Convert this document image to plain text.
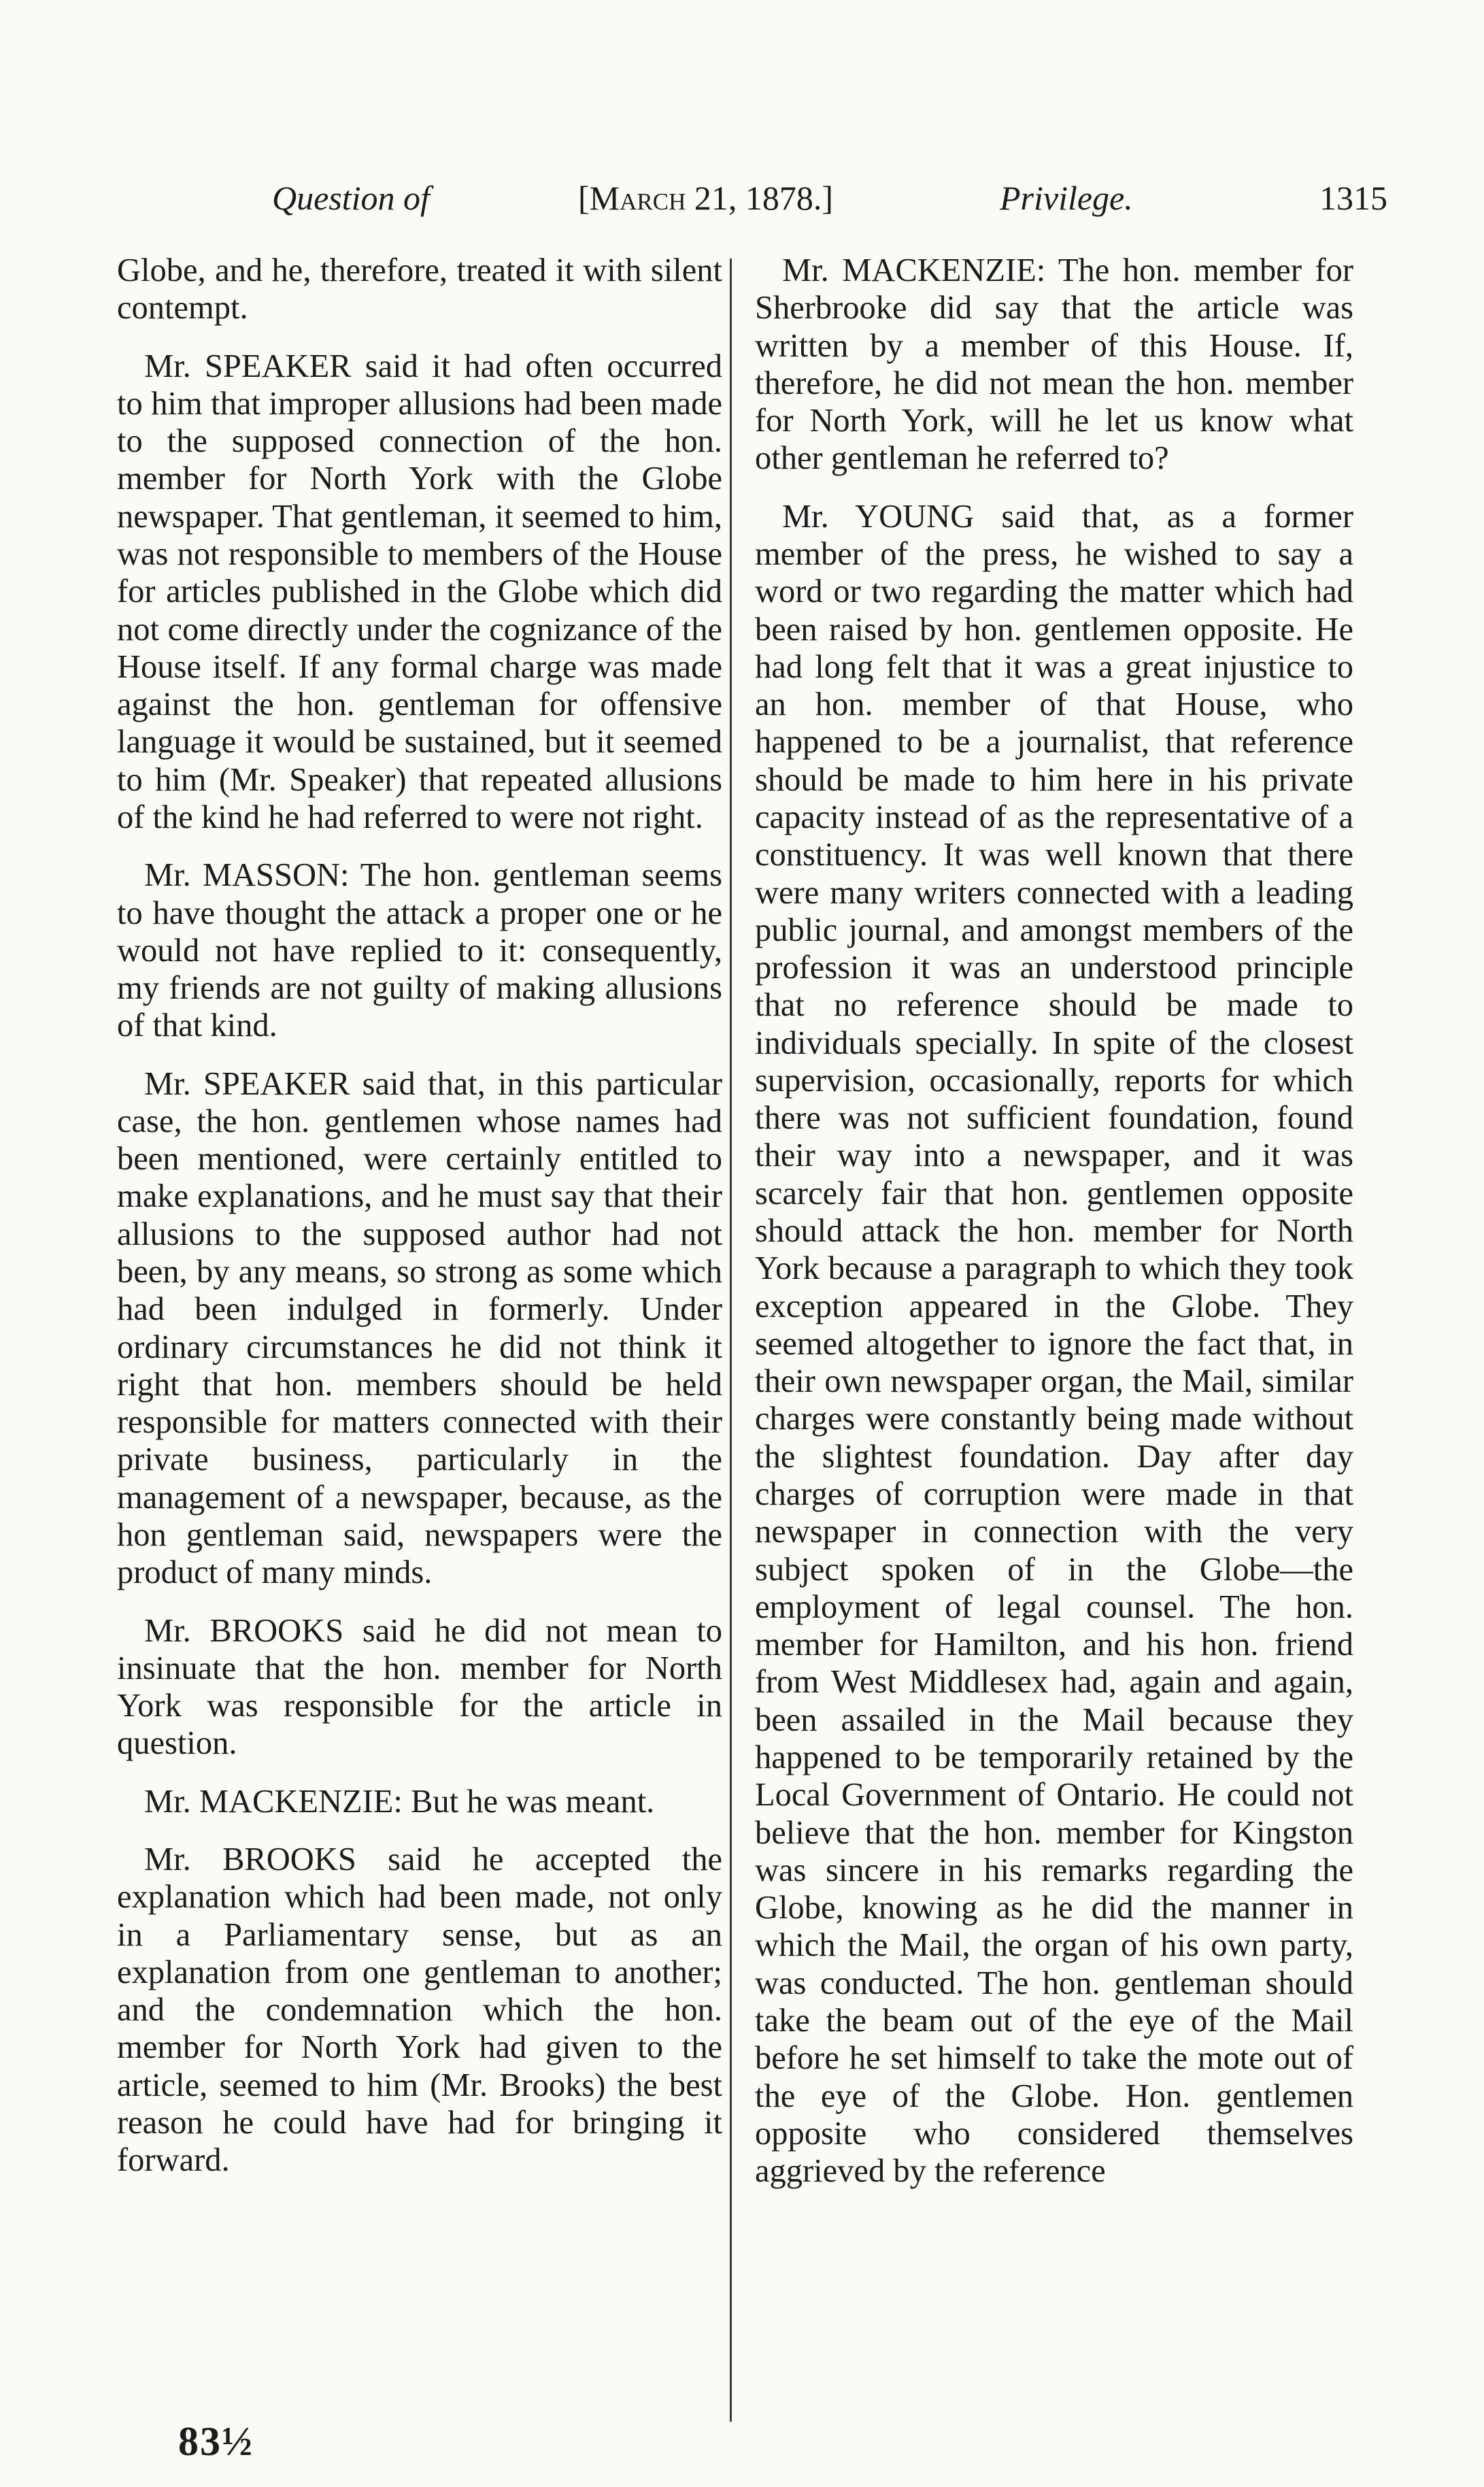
Question of	[March 21, 1878.]	Privilege.	1315

Globe, and he, therefore, treated it with silent contempt.

Mr. SPEAKER said it had often occurred to him that improper allusions had been made to the supposed connection of the hon. member for North York with the Globe newspaper. That gentleman, it seemed to him, was not responsible to members of the House for articles published in the Globe which did not come directly under the cognizance of the House itself. If any formal charge was made against the hon. gentleman for offensive language it would be sustained, but it seemed to him (Mr. Speaker) that repeated allusions of the kind he had referred to were not right.

Mr. MASSON: The hon. gentleman seems to have thought the attack a proper one or he would not have replied to it: consequently, my friends are not guilty of making allusions of that kind.

Mr. SPEAKER said that, in this particular case, the hon. gentlemen whose names had been mentioned, were certainly entitled to make explanations, and he must say that their allusions to the supposed author had not been, by any means, so strong as some which had been indulged in formerly. Under ordinary circumstances he did not think it right that hon. members should be held responsible for matters connected with their private business, particularly in the management of a newspaper, because, as the hon gentleman said, newspapers were the product of many minds.

Mr. BROOKS said he did not mean to insinuate that the hon. member for North York was responsible for the article in question.

Mr. MACKENZIE: But he was meant.

Mr. BROOKS said he accepted the explanation which had been made, not only in a Parliamentary sense, but as an explanation from one gentleman to another; and the condemnation which the hon. member for North York had given to the article, seemed to him (Mr. Brooks) the best reason he could have had for bringing it forward.

Mr. MACKENZIE: The hon. member for Sherbrooke did say that the article was written by a member of this House. If, therefore, he did not mean the hon. member for North York, will he let us know what other gentleman he referred to?

Mr. YOUNG said that, as a former member of the press, he wished to say a word or two regarding the matter which had been raised by hon. gentlemen opposite. He had long felt that it was a great injustice to an hon. member of that House, who happened to be a journalist, that reference should be made to him here in his private capacity instead of as the representative of a constituency. It was well known that there were many writers connected with a leading public journal, and amongst members of the profession it was an understood principle that no reference should be made to individuals specially. In spite of the closest supervision, occasionally, reports for which there was not sufficient foundation, found their way into a newspaper, and it was scarcely fair that hon. gentlemen opposite should attack the hon. member for North York because a paragraph to which they took exception appeared in the Globe. They seemed altogether to ignore the fact that, in their own newspaper organ, the Mail, similar charges were constantly being made without the slightest foundation. Day after day charges of corruption were made in that newspaper in connection with the very subject spoken of in the Globe—the employment of legal counsel. The hon. member for Hamilton, and his hon. friend from West Middlesex had, again and again, been assailed in the Mail because they happened to be temporarily retained by the Local Government of Ontario. He could not believe that the hon. member for Kingston was sincere in his remarks regarding the Globe, knowing as he did the manner in which the Mail, the organ of his own party, was conducted. The hon. gentleman should take the beam out of the eye of the Mail before he set himself to take the mote out of the eye of the Globe. Hon. gentlemen opposite who considered themselves aggrieved by the reference

83½
